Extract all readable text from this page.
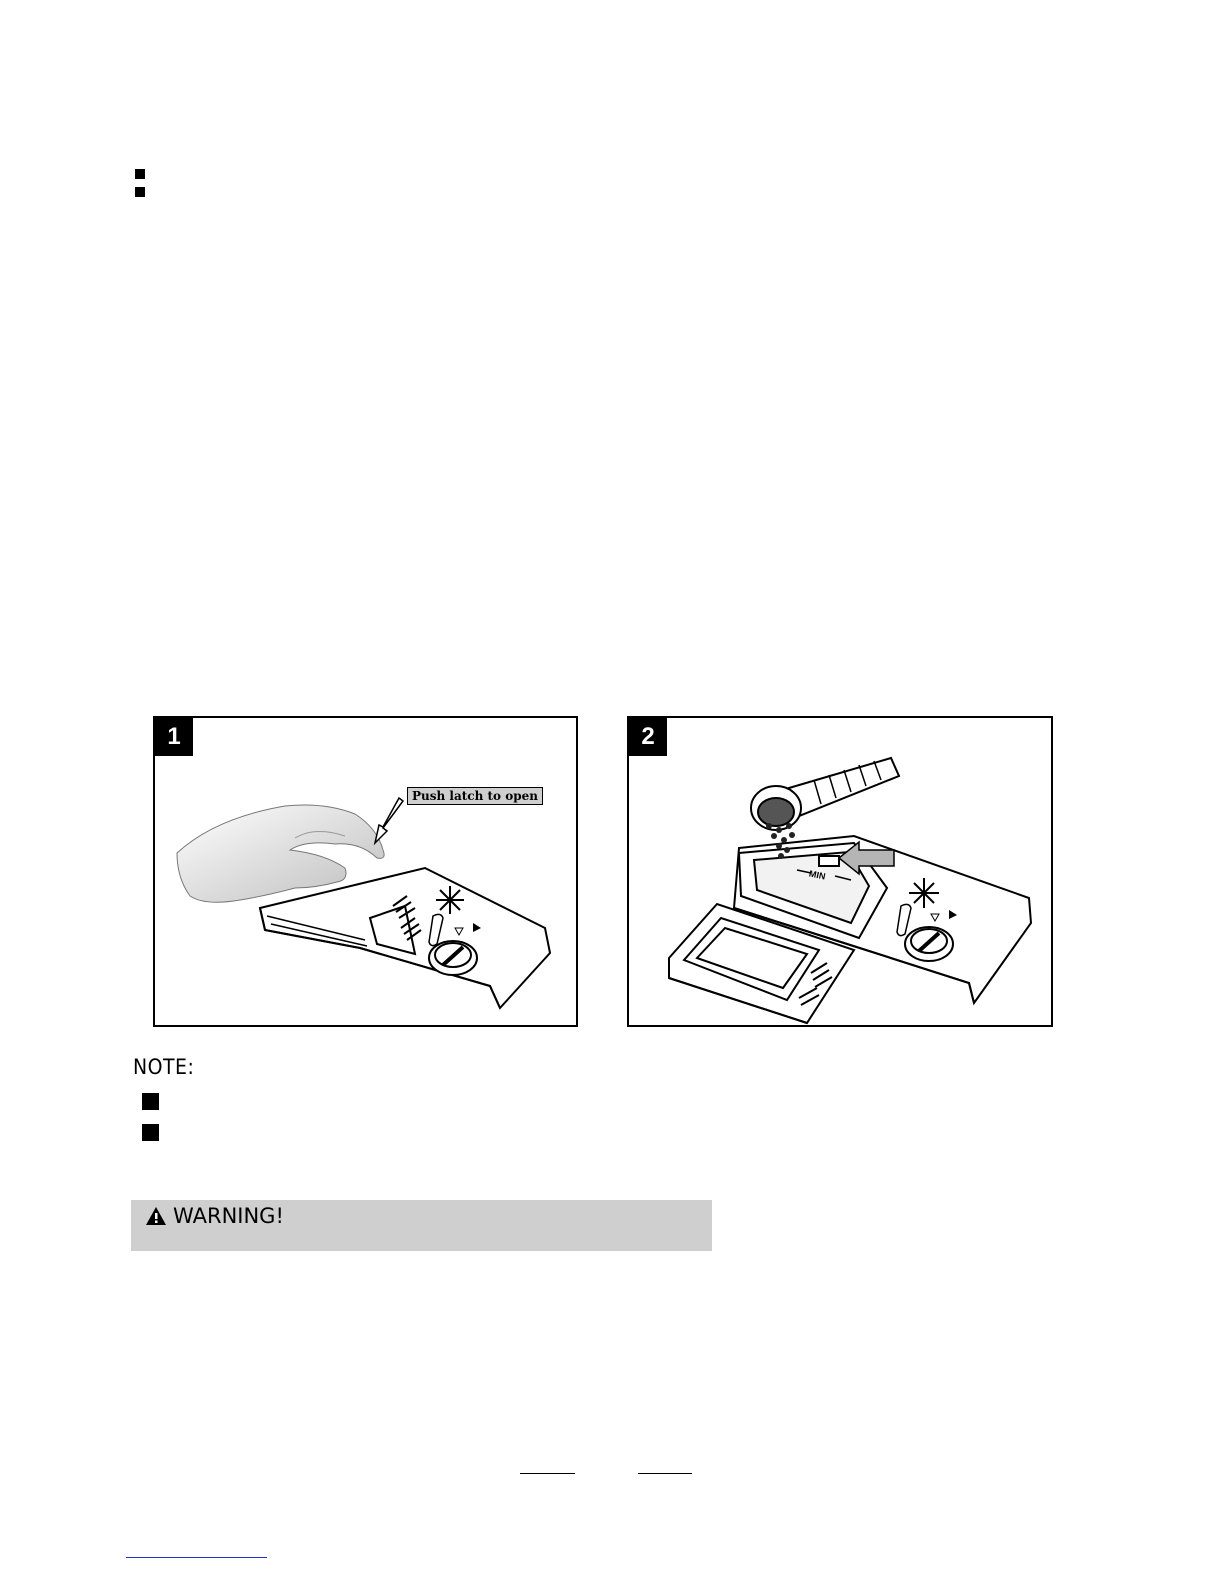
1
Push latch to open
2
MIN
NOTE:
WARNING!
